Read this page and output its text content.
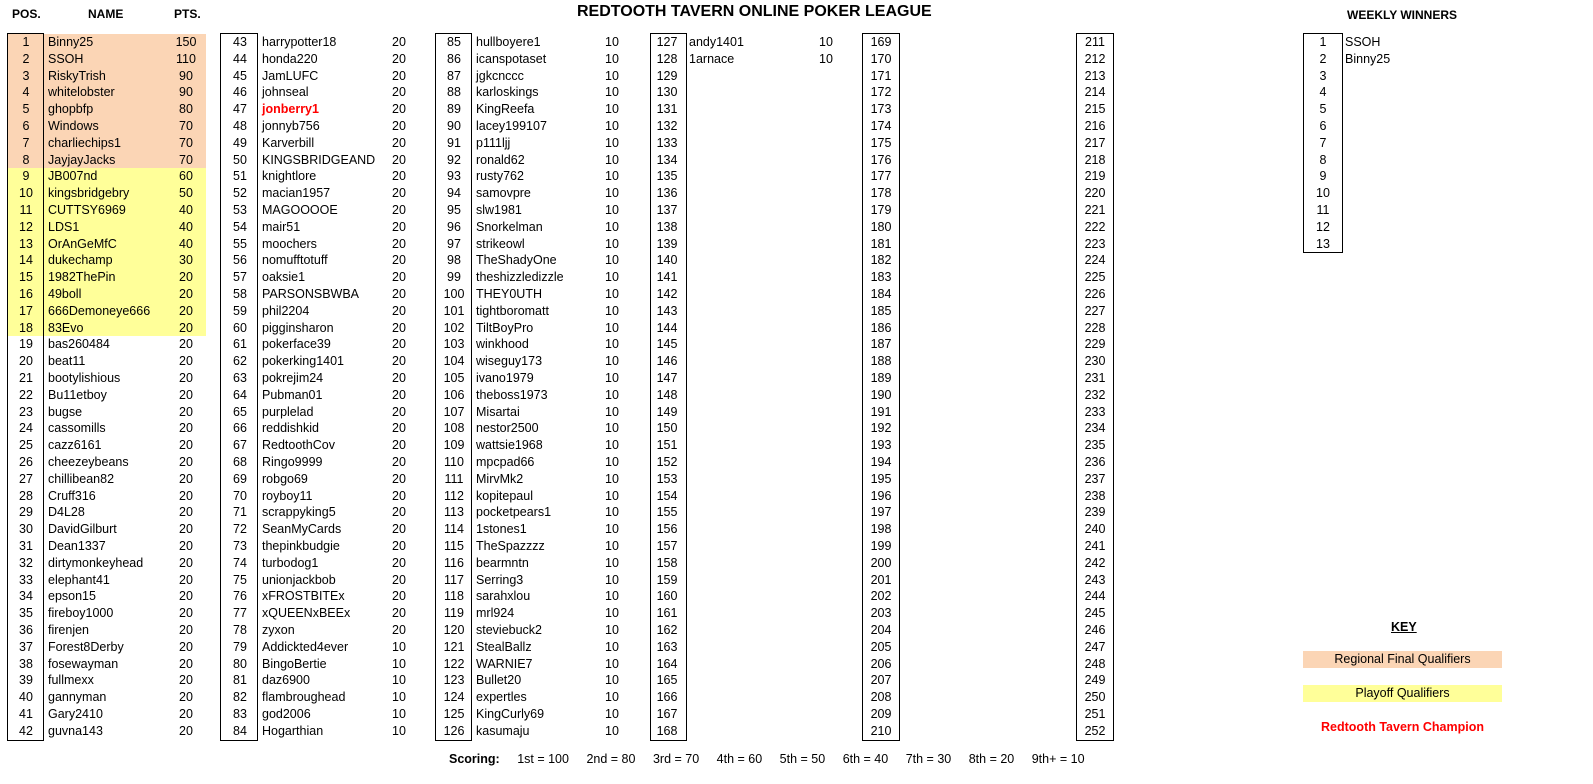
REDTOOTH TAVERN ONLINE POKER LEAGUE
POS.	NAME	PTS.	WEEKLY WINNERS
1	Binny25	150
2	SSOH	110
3	RiskyTrish	90
4	whitelobster	90
5	ghopbfp	80
6	Windows	70
7	charliechips1	70
8	JayjayJacks	70
9	JB007nd	60
10	kingsbridgebry	50
11	CUTTSY6969	40
12	LDS1	40
13	OrAnGeMfC	40
14	dukechamp	30
15	1982ThePin	20
16	49boll	20
17	666Demoneye666	20
18	83Evo	20
19	bas260484	20
20	beat11	20
21	bootylishious	20
22	Bu11etboy	20
23	bugse	20
24	cassomills	20
25	cazz6161	20
26	cheezeybeans	20
27	chillibean82	20
28	Cruff316	20
29	D4L28	20
30	DavidGilburt	20
31	Dean1337	20
32	dirtymonkeyhead	20
33	elephant41	20
34	epson15	20
35	fireboy1000	20
36	firenjen	20
37	Forest8Derby	20
38	fosewayman	20
39	fullmexx	20
40	gannyman	20
41	Gary2410	20
42	guvna143	20
43	harrypotter18	20
44	honda220	20
45	JamLUFC	20
46	johnseal	20
47	jonberry1	20
48	jonnyb756	20
49	Karverbill	20
50	KINGSBRIDGEAND	20
51	knightlore	20
52	macian1957	20
53	MAGOOOOE	20
54	mair51	20
55	moochers	20
56	nomufftotuff	20
57	oaksie1	20
58	PARSONSBWBA	20
59	phil2204	20
60	pigginsharon	20
61	pokerface39	20
62	pokerking1401	20
63	pokrejim24	20
64	Pubman01	20
65	purplelad	20
66	reddishkid	20
67	RedtoothCov	20
68	Ringo9999	20
69	robgo69	20
70	royboy11	20
71	scrappyking5	20
72	SeanMyCards	20
73	thepinkbudgie	20
74	turbodog1	20
75	unionjackbob	20
76	xFROSTBITEx	20
77	xQUEENxBEEx	20
78	zyxon	20
79	Addickted4ever	10
80	BingoBertie	10
81	daz6900	10
82	flambroughead	10
83	god2006	10
84	Hogarthian	10
85	hullboyere1	10
86	icanspotaset	10
87	jgkcnccc	10
88	karloskings	10
89	KingReefa	10
90	lacey199107	10
91	p111ljj	10
92	ronald62	10
93	rusty762	10
94	samovpre	10
95	slw1981	10
96	Snorkelman	10
97	strikeowl	10
98	TheShadyOne	10
99	theshizzledizzle	10
100 THEY0UTH	10
101 tightboromatt	10
102 TiltBoyPro	10
103 winkhood	10
104 wiseguy173	10
105 ivano1979	10
106 theboss1973	10
107 Misartai	10
108 nestor2500	10
109 wattsie1968	10
110 mpcpad66	10
111	MirvMk2	10
112 kopitepaul	10
113 pocketpears1	10
114 1stones1	10
115 TheSpazzzz	10
116 bearmntn	10
117 Serring3	10
118 sarahxlou	10
119 mrl924	10
120 steviebuck2	10
121 StealBallz	10
122 WARNIE7	10
123 Bullet20	10
124 expertles	10
125 KingCurly69	10
126 kasumaju	10
127 andy1401	10
128 1arnace	10
129
130
131
132
133
134
135
136
137
138
139
140
141
142
143
144
145
146
147
148
149
150
151
152
153
154
155
156
157
158
159
160
161
162
163
164
165
166
167
168
169
170
171
172
173
174
175
176
177
178
179
180
181
182
183
184
185
186
187
188
189
190
191
192
193
194
195
196
197
198
199
200
201
202
203
204
205
206
207
208
209
210
211
212
213
214
215
216
217
218
219
220
221
222
223
224
225
226
227
228
229
230
231
232
233
234
235
236
237
238
239
240
241
242
243
244
245
246
247
248
249
250
251
252
1	SSOH
2	Binny25
3
4
5
6
7
8
9
10
11
12
13
KEY
Regional Final Qualifiers
Playoff Qualifiers
Redtooth Tavern Champion
Scoring: 1st = 100 2nd = 80 3rd = 70 4th = 60 5th = 50 6th = 40 7th = 30 8th = 20 9th+ = 10
